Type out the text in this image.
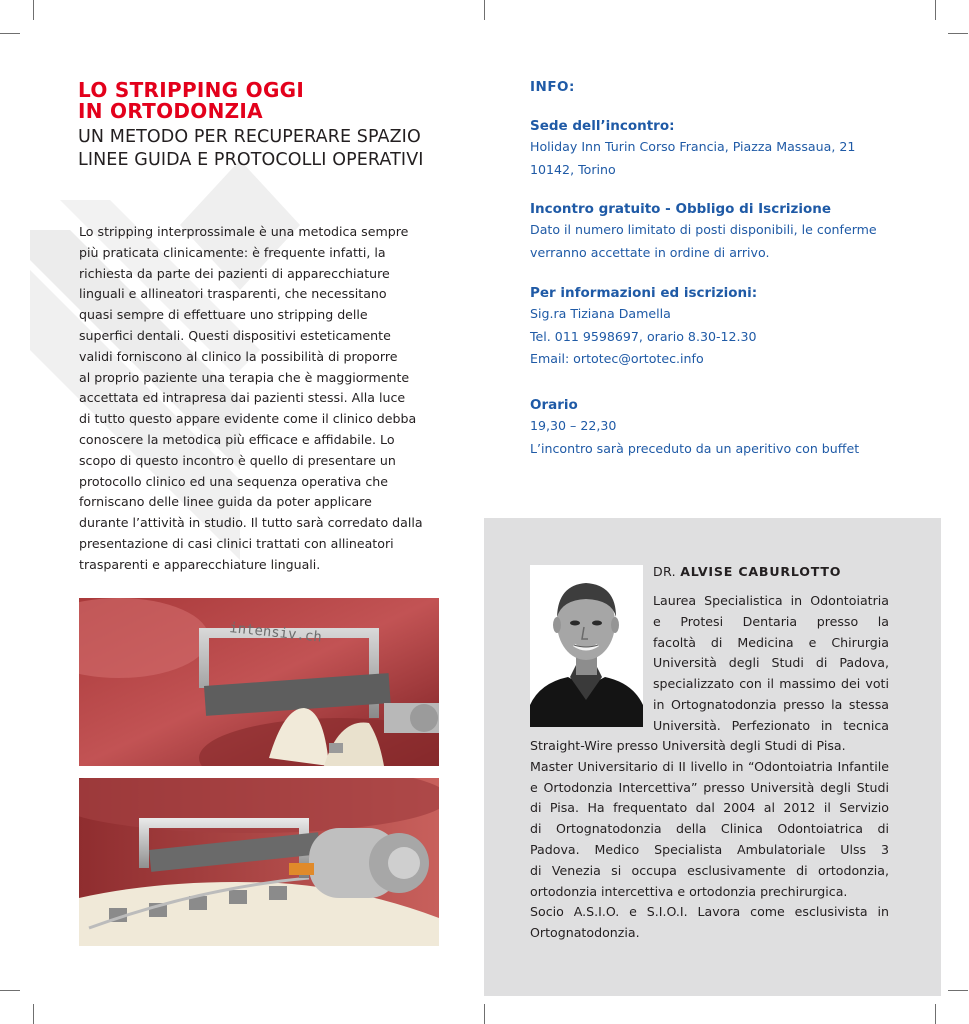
LO STRIPPING OGGI
IN ORTODONZIA
UN METODO PER RECUPERARE SPAZIO
LINEE GUIDA E PROTOCOLLI OPERATIVI
Lo stripping interprossimale è una metodica sempre
più praticata clinicamente: è frequente infatti, la
richiesta da parte dei pazienti di apparecchiature
linguali e allineatori trasparenti, che necessitano
quasi sempre di effettuare uno stripping delle
superfici dentali. Questi dispositivi esteticamente
validi forniscono al clinico la possibilità di proporre
al proprio paziente una terapia che è maggiormente
accettata ed intrapresa dai pazienti stessi. Alla luce
di tutto questo appare evidente come il clinico debba
conoscere la metodica più efficace e affidabile. Lo
scopo di questo incontro è quello di presentare un
protocollo clinico ed una sequenza operativa che
forniscano delle linee guida da poter applicare
durante l’attività in studio. Il tutto sarà corredato dalla
presentazione di casi clinici trattati con allineatori
trasparenti e apparecchiature linguali.
intensiv.ch
INFO:
Sede dell’incontro:
Holiday Inn Turin Corso Francia, Piazza Massaua, 21
10142, Torino
Incontro gratuito - Obbligo di Iscrizione
Dato il numero limitato di posti disponibili, le conferme
verranno accettate in ordine di arrivo.
Per informazioni ed iscrizioni:
Sig.ra Tiziana Damella
Tel. 011 9598697, orario 8.30-12.30
Email: ortotec@ortotec.info
Orario
19,30 – 22,30
L’incontro sarà preceduto da un aperitivo con buffet
DR. ALVISE CABURLOTTO
Laurea Specialistica in Odontoiatria
e Protesi Dentaria presso la
facoltà di Medicina e Chirurgia
Università degli Studi di Padova,
specializzato con il massimo dei voti
in Ortognatodonzia presso la stessa
Università. Perfezionato in tecnica
Straight-Wire presso Università degli Studi di Pisa.
Master Universitario di II livello in “Odontoiatria Infantile
e Ortodonzia Intercettiva” presso Università degli Studi
di Pisa. Ha frequentato dal 2004 al 2012 il Servizio
di Ortognatodonzia della Clinica Odontoiatrica di
Padova. Medico Specialista Ambulatoriale Ulss 3
di Venezia si occupa esclusivamente di ortodonzia,
ortodonzia intercettiva e ortodonzia prechirurgica.
Socio A.S.I.O. e S.I.O.I. Lavora come esclusivista in
Ortognatodonzia.
